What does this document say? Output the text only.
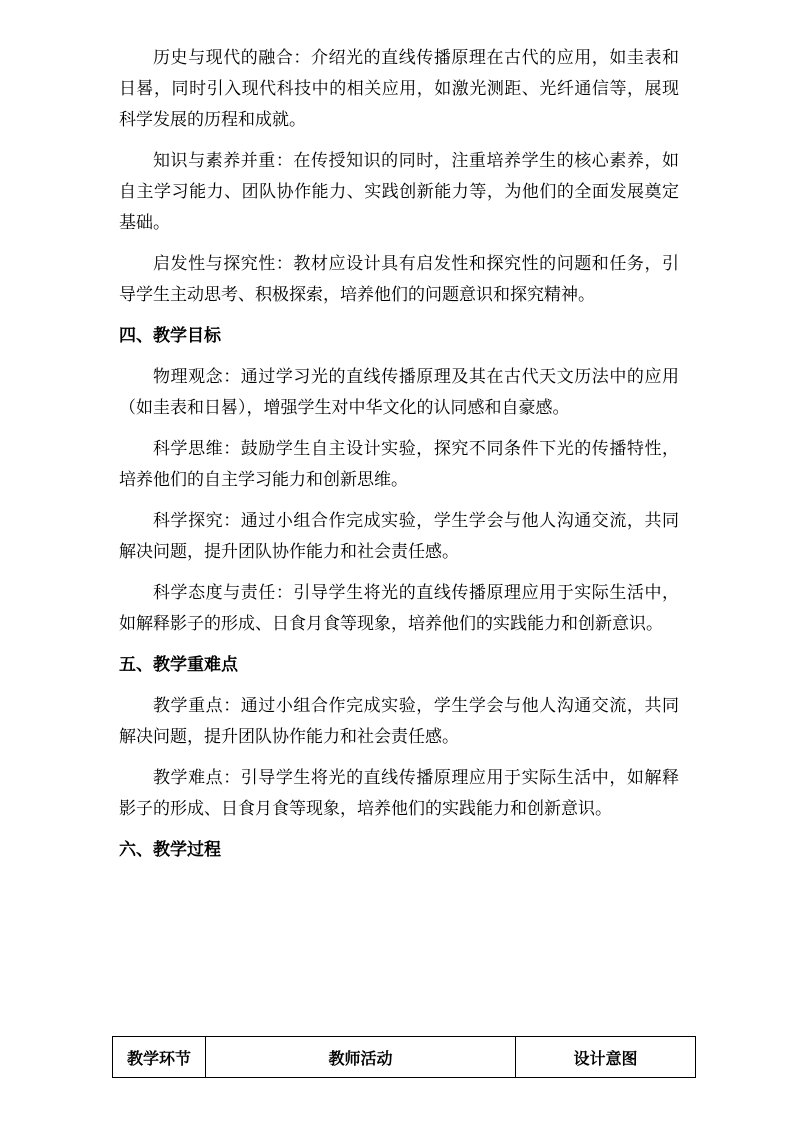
历史与现代的融合：介绍光的直线传播原理在古代的应用，如圭表和日晷，同时引入现代科技中的相关应用，如激光测距、光纤通信等，展现科学发展的历程和成就。

知识与素养并重：在传授知识的同时，注重培养学生的核心素养，如自主学习能力、团队协作能力、实践创新能力等，为他们的全面发展奠定基础。

启发性与探究性：教材应设计具有启发性和探究性的问题和任务，引导学生主动思考、积极探索，培养他们的问题意识和探究精神。

四、教学目标

物理观念：通过学习光的直线传播原理及其在古代天文历法中的应用（如圭表和日晷），增强学生对中华文化的认同感和自豪感。

科学思维：鼓励学生自主设计实验，探究不同条件下光的传播特性，培养他们的自主学习能力和创新思维。

科学探究：通过小组合作完成实验，学生学会与他人沟通交流，共同解决问题，提升团队协作能力和社会责任感。

科学态度与责任：引导学生将光的直线传播原理应用于实际生活中，如解释影子的形成、日食月食等现象，培养他们的实践能力和创新意识。

五、教学重难点

教学重点：通过小组合作完成实验，学生学会与他人沟通交流，共同解决问题，提升团队协作能力和社会责任感。

教学难点：引导学生将光的直线传播原理应用于实际生活中，如解释影子的形成、日食月食等现象，培养他们的实践能力和创新意识。

六、教学过程
教学环节	教师活动	设计意图
